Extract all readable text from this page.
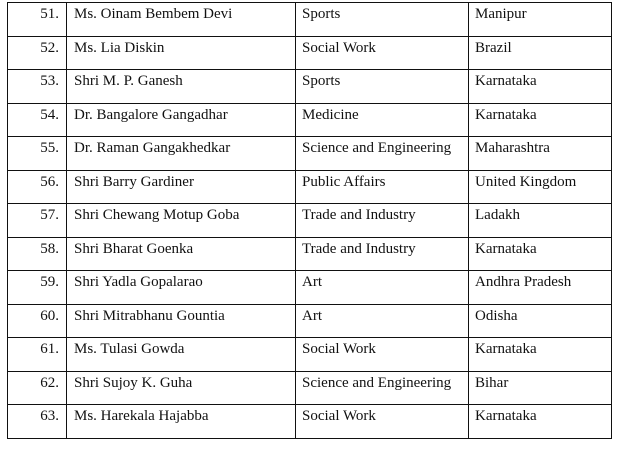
51.	Ms. Oinam Bembem Devi	Sports	Manipur

52.	Ms. Lia Diskin	Social Work	Brazil

53.	Shri M. P. Ganesh	Sports	Karnataka

54.	Dr. Bangalore Gangadhar	Medicine	Karnataka

55.	Dr. Raman Gangakhedkar	Science and Engineering	Maharashtra

56.	Shri Barry Gardiner	Public Affairs	United Kingdom

57.	Shri Chewang Motup Goba	Trade and Industry	Ladakh

58.	Shri Bharat Goenka	Trade and Industry	Karnataka

59.	Shri Yadla Gopalarao	Art	Andhra Pradesh

60.	Shri Mitrabhanu Gountia	Art	Odisha

61.	Ms. Tulasi Gowda	Social Work	Karnataka

62.	Shri Sujoy K. Guha	Science and Engineering	Bihar

63.	Ms. Harekala Hajabba	Social Work	Karnataka
